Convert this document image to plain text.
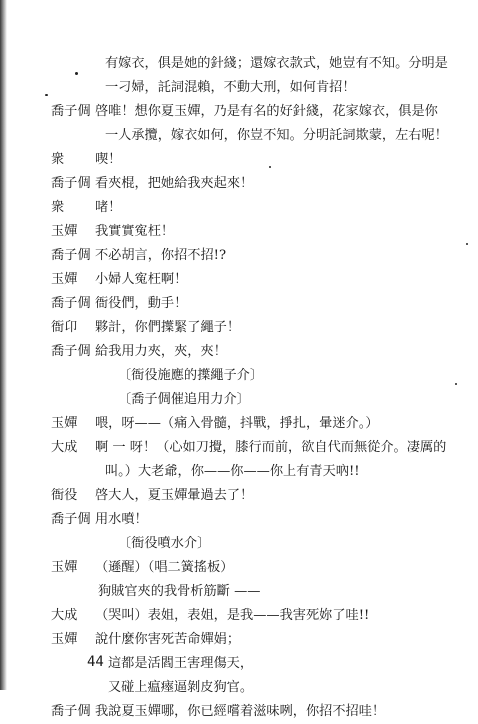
有嫁衣，俱是她的針綫；還嫁衣款式，她豈有不知。分明是
一刁婦，託詞混賴，不動大刑，如何肯招！
喬子倜 啓唯！想你夏玉嬋，乃是有名的好針綫，花家嫁衣，俱是你
一人承攬，嫁衣如何，你豈不知。分明託詞欺蒙，左右呢！
衆 喫！
喬子倜 看夾棍，把她給我夾起來！
衆 啫！
玉嬋 我實實寃枉！
喬子倜 不必胡言，你招不招!?
玉嬋 小婦人寃枉啊！
喬子倜 衙役們，動手！
衙卬 夥計，你們擛緊了繩子！
喬子倜 給我用力夾，夾，夾！
〔衙役施應的擛繩子介〕
〔喬子倜催追用力介〕
玉嬋 喂，呀——（痛入骨髓，抖戰，掙扎，暈迷介。）
大成 啊 一 呀！（心如刀攪，膝行而前，欲自代而無從介。凄厲的
叫。）大老爺，你——你——你上有青天吶!!
衙役 啓大人，夏玉嬋暈過去了！
喬子倜 用水噴！
〔衙役噴水介〕
玉嬋 （遜醒）（唱二簧搖板）
狗賊官夾的我骨析筋斷 ——
大成 （哭叫）表姐，表姐，是我——我害死妳了哇!!
玉嬋 說什麼你害死苦命嬋娟；
這都是活閻王害理傷天，
又碰上瘟瘞逼剝皮狗官。
喬子倜 我說夏玉嬋哪，你已經嚐着滋味咧，你招不招哇！
44
